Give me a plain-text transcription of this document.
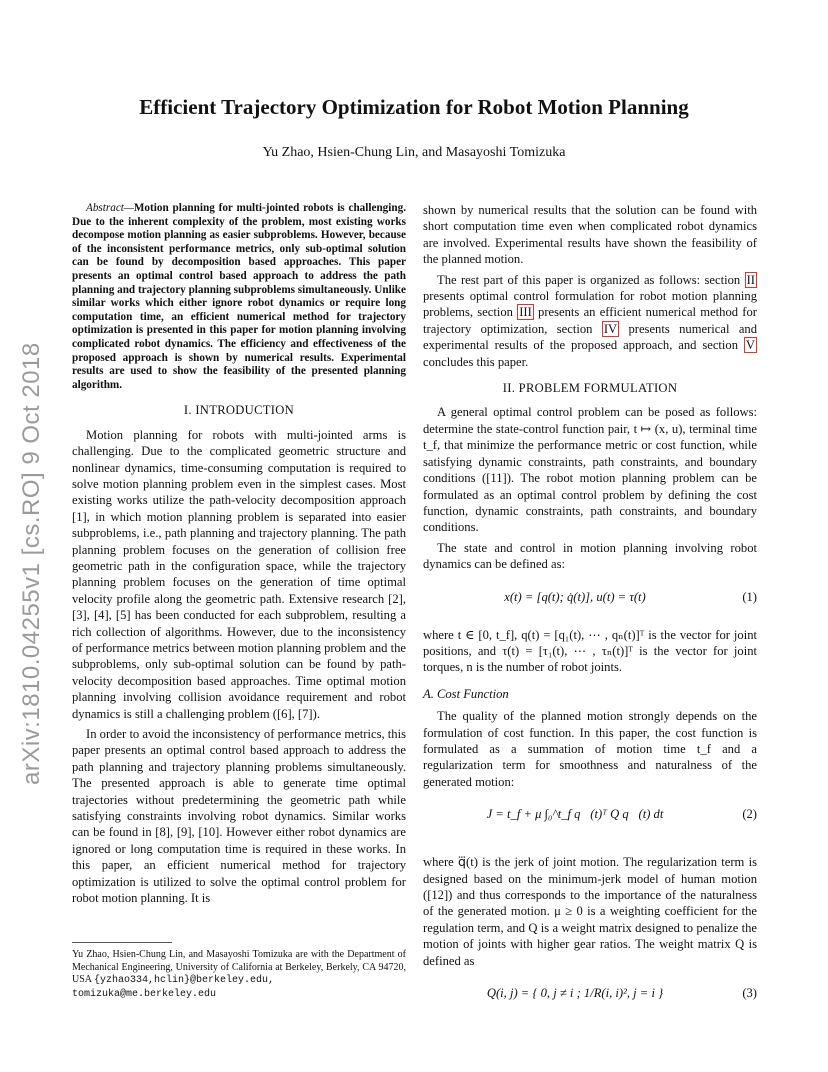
Efficient Trajectory Optimization for Robot Motion Planning
Yu Zhao, Hsien-Chung Lin, and Masayoshi Tomizuka
arXiv:1810.04255v1 [cs.RO] 9 Oct 2018
Abstract—Motion planning for multi-jointed robots is challenging. Due to the inherent complexity of the problem, most existing works decompose motion planning as easier subproblems. However, because of the inconsistent performance metrics, only sub-optimal solution can be found by decomposition based approaches. This paper presents an optimal control based approach to address the path planning and trajectory planning subproblems simultaneously. Unlike similar works which either ignore robot dynamics or require long computation time, an efficient numerical method for trajectory optimization is presented in this paper for motion planning involving complicated robot dynamics. The efficiency and effectiveness of the proposed approach is shown by numerical results. Experimental results are used to show the feasibility of the presented planning algorithm.
I. INTRODUCTION

Motion planning for robots with multi-jointed arms is challenging. Due to the complicated geometric structure and nonlinear dynamics, time-consuming computation is required to solve motion planning problem even in the simplest cases. Most existing works utilize the path-velocity decomposition approach [1], in which motion planning problem is separated into easier subproblems, i.e., path planning and trajectory planning. The path planning problem focuses on the generation of collision free geometric path in the configuration space, while the trajectory planning problem focuses on the generation of time optimal velocity profile along the geometric path. Extensive research [2], [3], [4], [5] has been conducted for each subproblem, resulting a rich collection of algorithms. However, due to the inconsistency of performance metrics between motion planning problem and the subproblems, only sub-optimal solution can be found by path-velocity decomposition based approaches. Time optimal motion planning involving collision avoidance requirement and robot dynamics is still a challenging problem ([6], [7]).

In order to avoid the inconsistency of performance metrics, this paper presents an optimal control based approach to address the path planning and trajectory planning problems simultaneously. The presented approach is able to generate time optimal trajectories without predetermining the geometric path while satisfying constraints involving robot dynamics. Similar works can be found in [8], [9], [10]. However either robot dynamics are ignored or long computation time is required in these works. In this paper, an efficient numerical method for trajectory optimization is utilized to solve the optimal control problem for robot motion planning. It is

Yu Zhao, Hsien-Chung Lin, and Masayoshi Tomizuka are with the Department of Mechanical Engineering, University of California at Berkeley, Berkely, CA 94720, USA {yzhao334,hclin}@berkeley.edu,
tomizuka@me.berkeley.edu

shown by numerical results that the solution can be found with short computation time even when complicated robot dynamics are involved. Experimental results have shown the feasibility of the planned motion.

The rest part of this paper is organized as follows: section II presents optimal control formulation for robot motion planning problems, section III presents an efficient numerical method for trajectory optimization, section IV presents numerical and experimental results of the proposed approach, and section V concludes this paper.

II. PROBLEM FORMULATION

A general optimal control problem can be posed as follows: determine the state-control function pair, t ↦ (x, u), terminal time t_f, that minimize the performance metric or cost function, while satisfying dynamic constraints, path constraints, and boundary conditions ([11]). The robot motion planning problem can be formulated as an optimal control problem by defining the cost function, dynamic constraints, path constraints, and boundary conditions.

The state and control in motion planning involving robot dynamics can be defined as:

x(t) = [q(t); q̇(t)], u(t) = τ(t)	(1)

where t ∈ [0, t_f], q(t) = [q₁(t), ⋯ , qₙ(t)]ᵀ is the vector for joint positions, and τ(t) = [τ₁(t), ⋯ , τₙ(t)]ᵀ is the vector for joint torques, n is the number of robot joints.

A. Cost Function

The quality of the planned motion strongly depends on the formulation of cost function. In this paper, the cost function is formulated as a summation of motion time t_f and a regularization term for smoothness and naturalness of the generated motion:

J = t_f + μ ∫₀^t_f q⃛(t)ᵀ Q q⃛(t) dt	(2)

where q⃛(t) is the jerk of joint motion. The regularization term is designed based on the minimum-jerk model of human motion ([12]) and thus corresponds to the importance of the naturalness of the generated motion. μ ≥ 0 is a weighting coefficient for the regulation term, and Q is a weight matrix designed to penalize the motion of joints with higher gear ratios. The weight matrix Q is defined as

Q(i, j) = { 0, j ≠ i ; 1/R(i, i)², j = i }	(3)
